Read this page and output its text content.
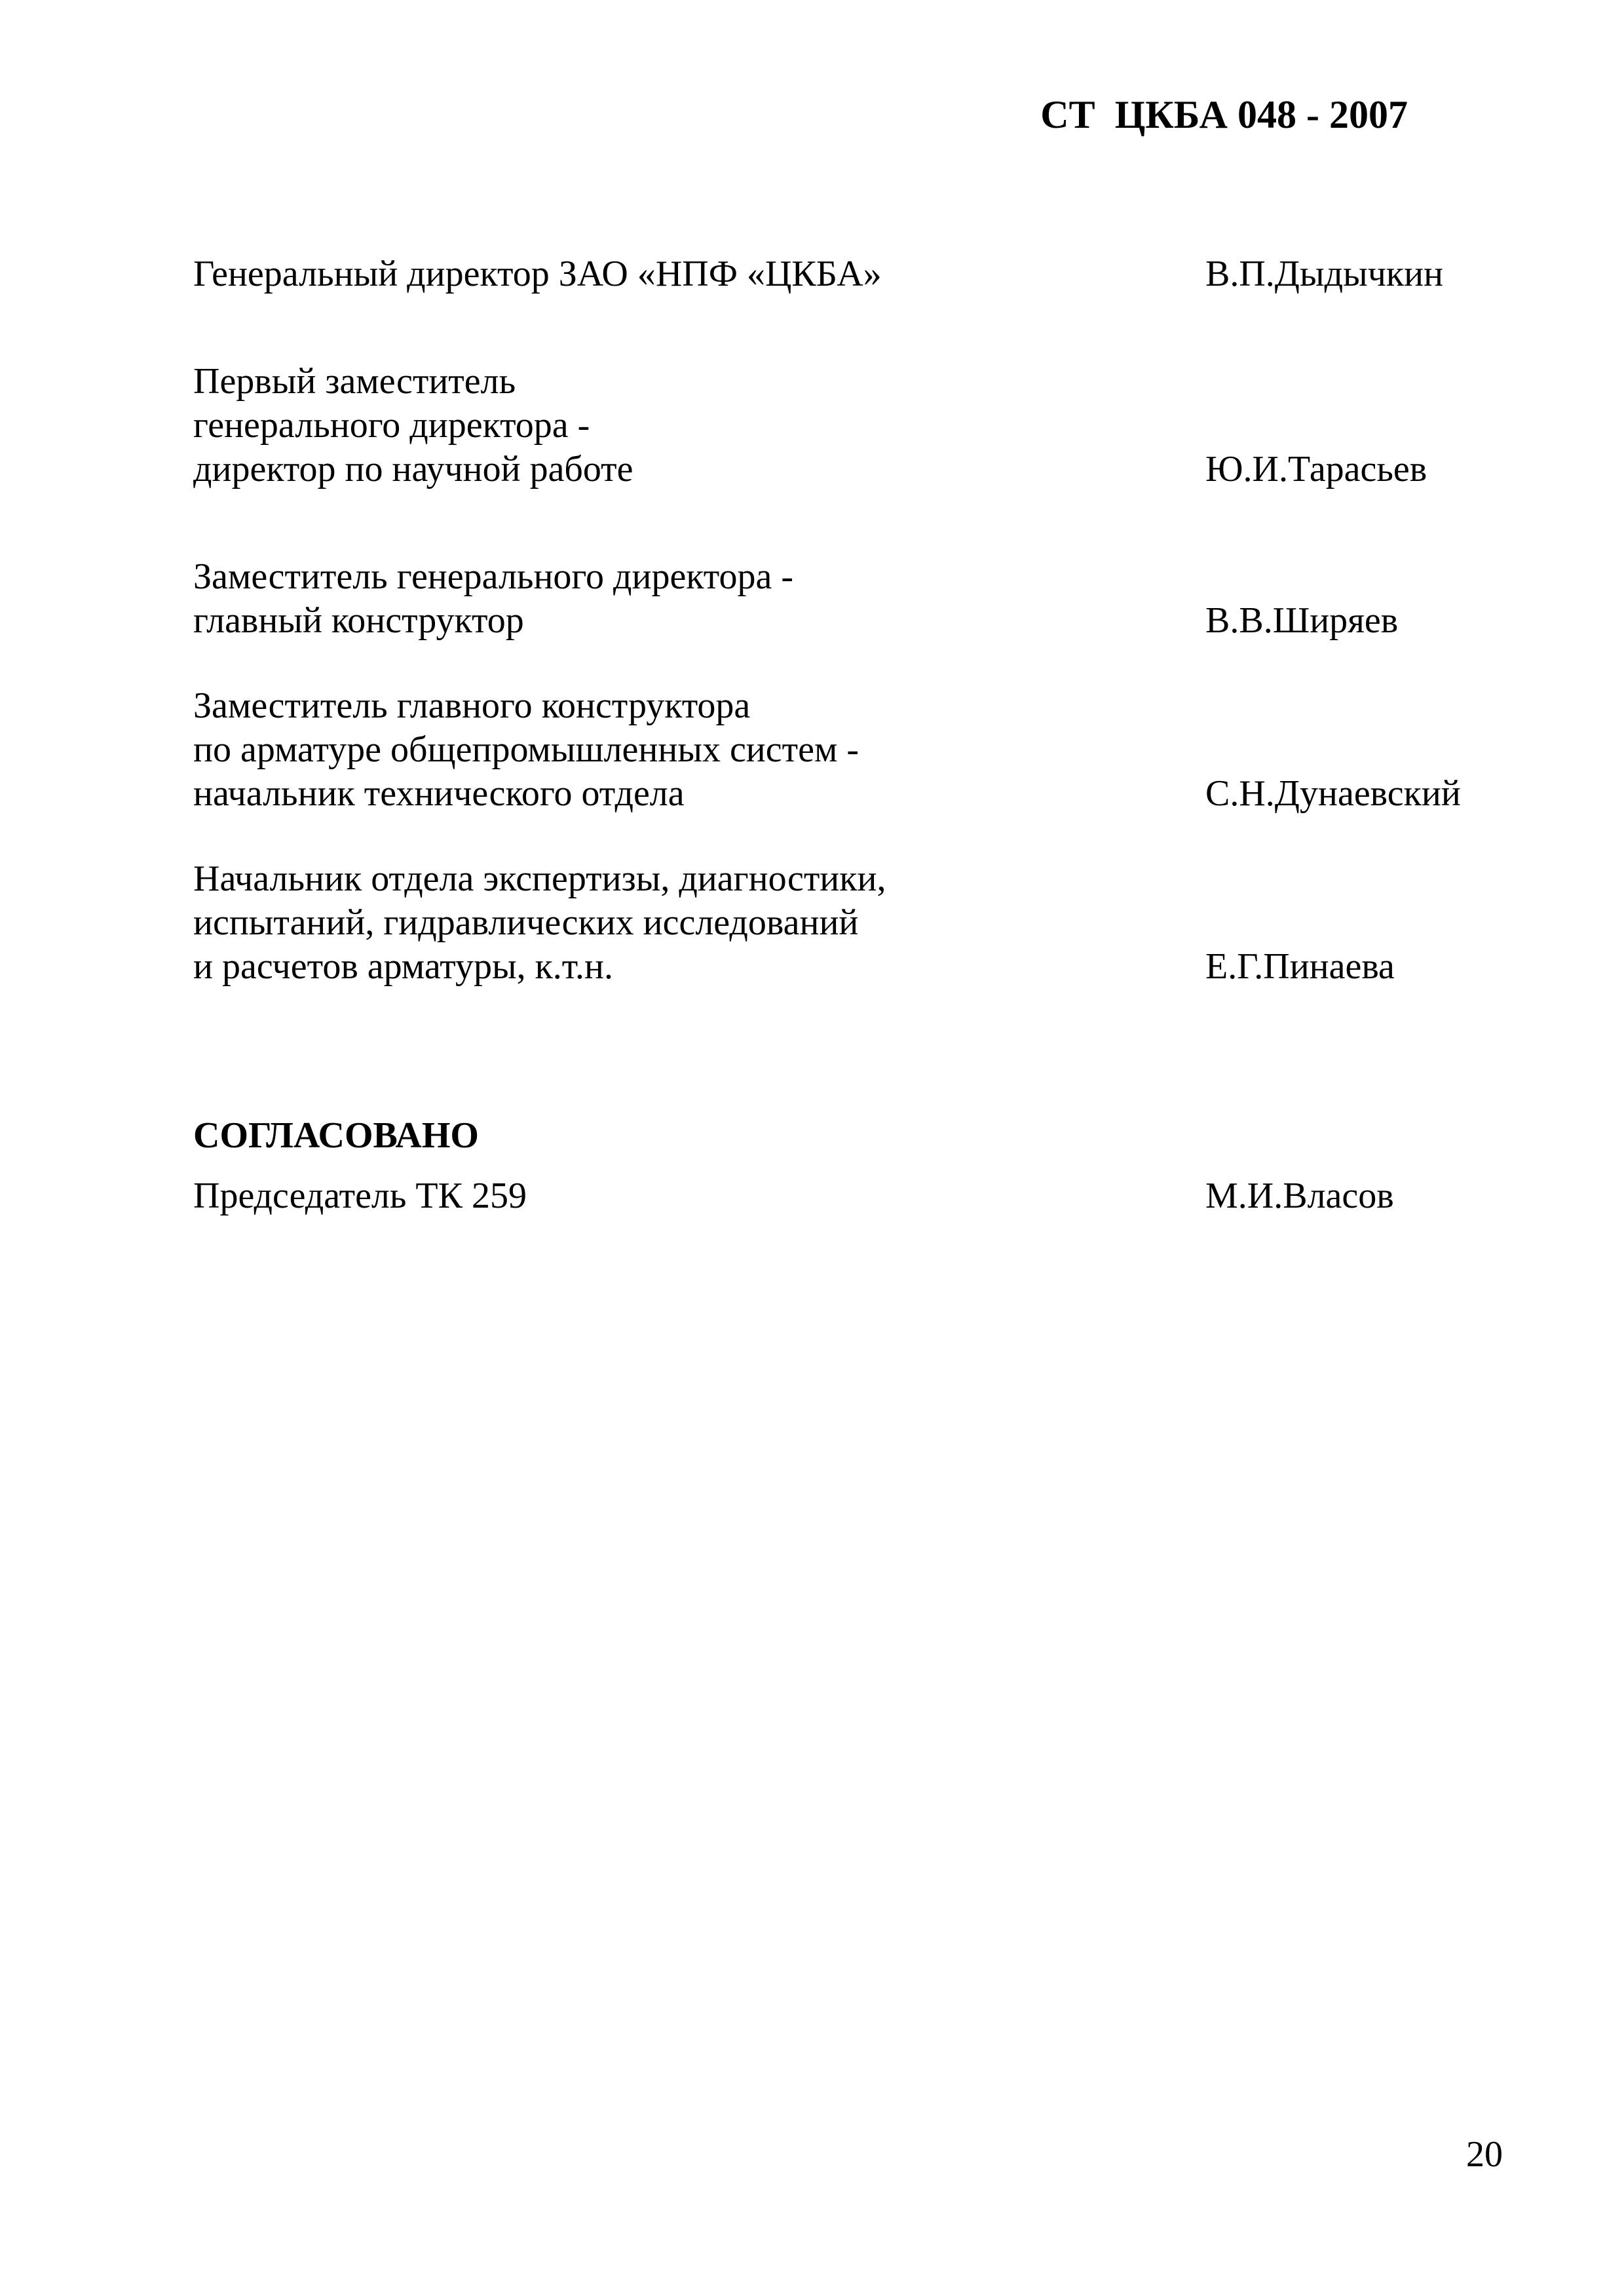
СТ  ЦКБА 048 - 2007
Генеральный директор ЗАО «НПФ «ЦКБА»	В.П.Дыдычкин
Первый заместитель
генерального директора -
директор по научной работе	Ю.И.Тарасьев
Заместитель генерального директора -
главный конструктор	В.В.Ширяев
Заместитель главного конструктора
по арматуре общепромышленных систем -
начальник технического отдела	С.Н.Дунаевский
Начальник отдела экспертизы, диагностики,
испытаний, гидравлических исследований
и расчетов арматуры, к.т.н.	Е.Г.Пинаева
СОГЛАСОВАНО
Председатель ТК 259	М.И.Власов
20
